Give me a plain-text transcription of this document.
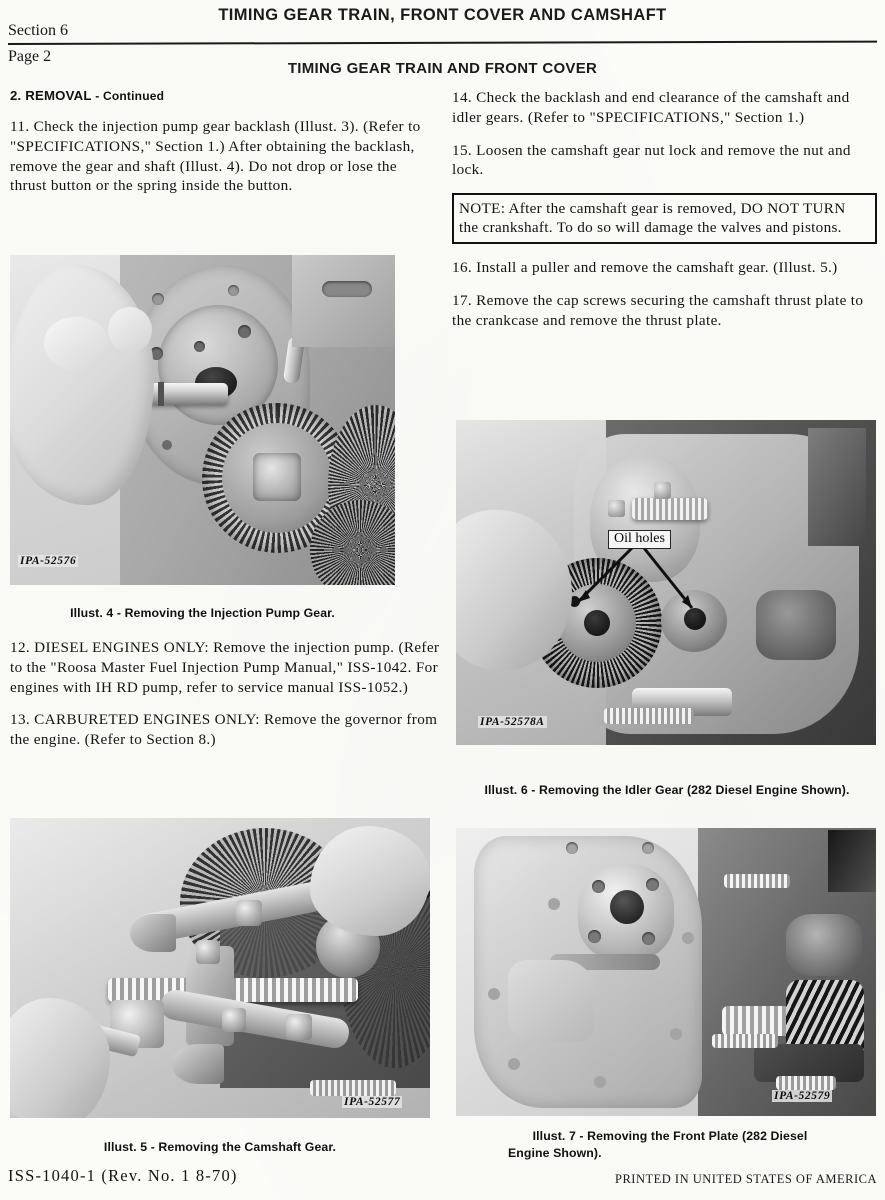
TIMING GEAR TRAIN, FRONT COVER AND CAMSHAFT
Section 6
Page 2
TIMING GEAR TRAIN AND FRONT COVER
2. REMOVAL - Continued

11. Check the injection pump gear backlash (Illust. 3). (Refer to "SPECIFICATIONS," Section 1.) After obtaining the backlash, remove the gear and shaft (Illust. 4). Do not drop or lose the thrust button or the spring inside the button.

12. DIESEL ENGINES ONLY: Remove the injection pump. (Refer to the "Roosa Master Fuel Injection Pump Manual," ISS-1042. For engines with IH RD pump, refer to service manual ISS-1052.)

13. CARBURETED ENGINES ONLY: Remove the governor from the engine. (Refer to Section 8.)

14. Check the backlash and end clearance of the camshaft and idler gears. (Refer to "SPECIFICATIONS," Section 1.)

15. Loosen the camshaft gear nut lock and remove the nut and lock.

NOTE: After the camshaft gear is removed, DO NOT TURN the crankshaft. To do so will damage the valves and pistons.

16. Install a puller and remove the camshaft gear. (Illust. 5.)

17. Remove the cap screws securing the camshaft thrust plate to the crankcase and remove the thrust plate.

IPA-52576
Illust. 4 - Removing the Injection Pump Gear.
Oil holes
IPA-52578A
Illust. 6 - Removing the Idler Gear (282 Diesel Engine Shown).
IPA-52577
Illust. 5 - Removing the Camshaft Gear.
IPA-52579
Illust. 7 - Removing the Front Plate (282 Diesel
Engine Shown).
ISS-1040-1 (Rev. No. 1 8-70)	PRINTED IN UNITED STATES OF AMERICA
